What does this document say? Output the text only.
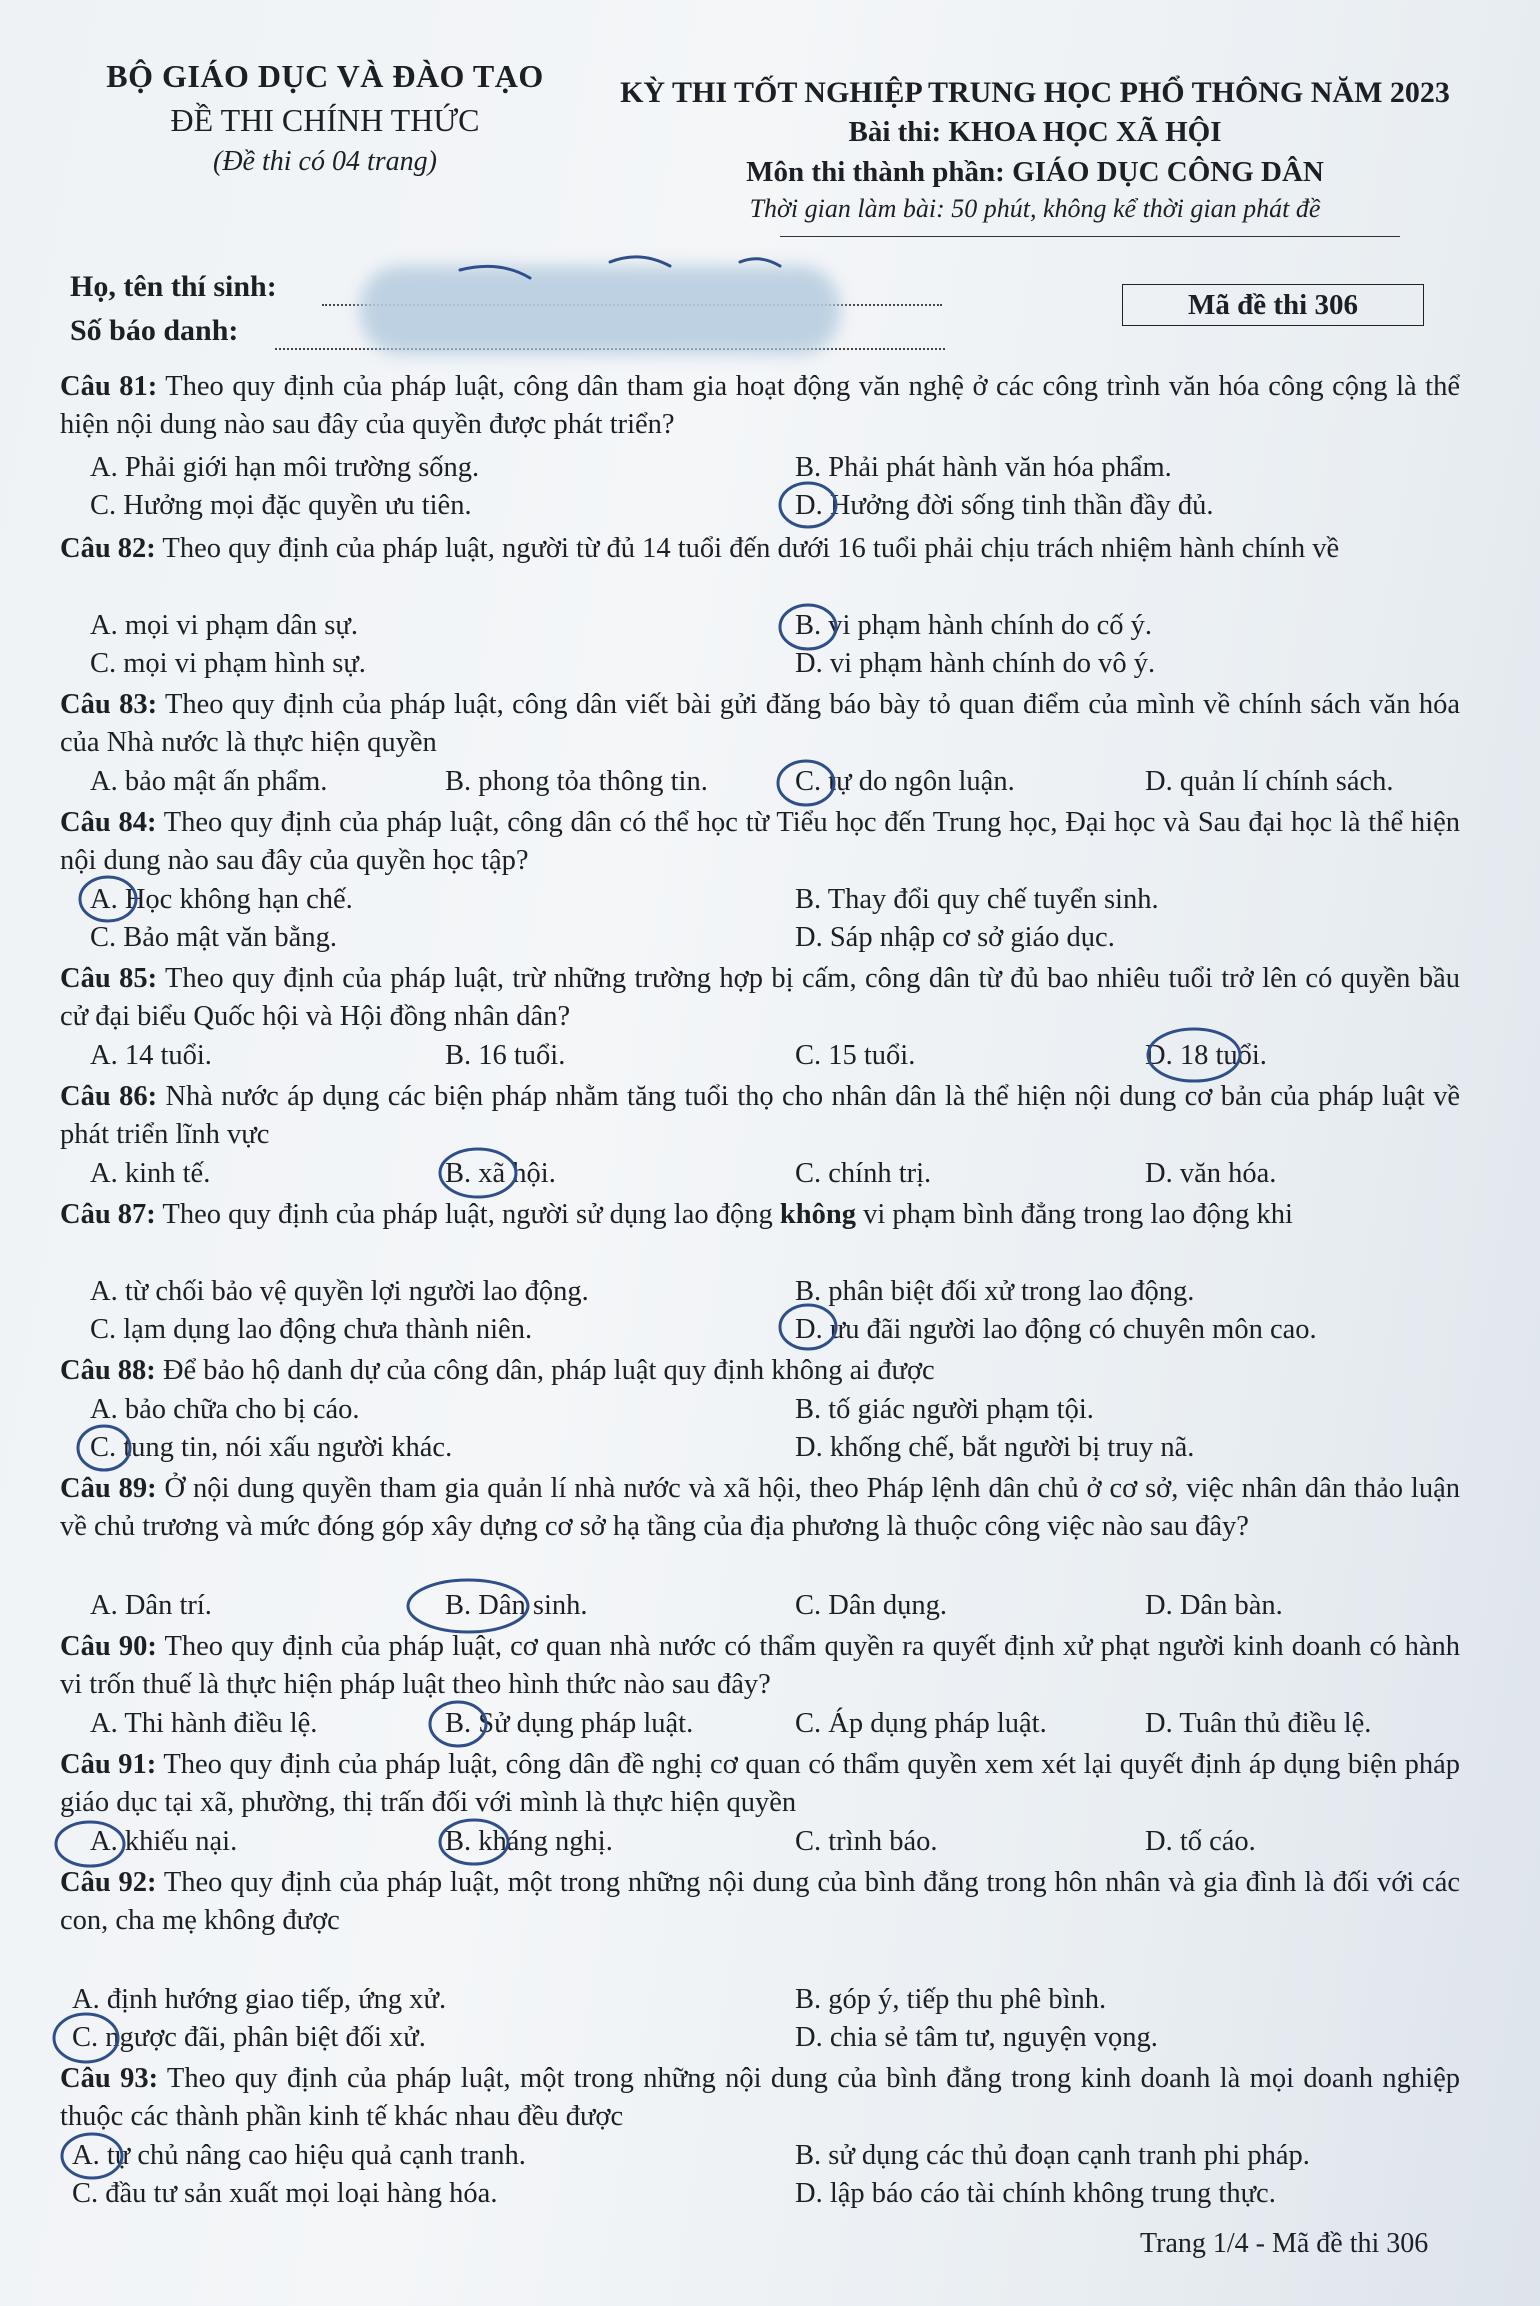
BỘ GIÁO DỤC VÀ ĐÀO TẠO
ĐỀ THI CHÍNH THỨC
(Đề thi có 04 trang)
KỲ THI TỐT NGHIỆP TRUNG HỌC PHỔ THÔNG NĂM 2023
Bài thi: KHOA HỌC XÃ HỘI
Môn thi thành phần: GIÁO DỤC CÔNG DÂN
Thời gian làm bài: 50 phút, không kể thời gian phát đề
Họ, tên thí sinh:
Số báo danh:
Mã đề thi 306
Câu 81: Theo quy định của pháp luật, công dân tham gia hoạt động văn nghệ ở các công trình văn hóa công cộng là thể hiện nội dung nào sau đây của quyền được phát triển?
A. Phải giới hạn môi trường sống.	B. Phải phát hành văn hóa phẩm.
C. Hưởng mọi đặc quyền ưu tiên.	D. Hưởng đời sống tinh thần đầy đủ.
Câu 82: Theo quy định của pháp luật, người từ đủ 14 tuổi đến dưới 16 tuổi phải chịu trách nhiệm hành chính về
A. mọi vi phạm dân sự.	B. vi phạm hành chính do cố ý.
C. mọi vi phạm hình sự.	D. vi phạm hành chính do vô ý.
Câu 83: Theo quy định của pháp luật, công dân viết bài gửi đăng báo bày tỏ quan điểm của mình về chính sách văn hóa của Nhà nước là thực hiện quyền
A. bảo mật ấn phẩm.	B. phong tỏa thông tin.	C. tự do ngôn luận.	D. quản lí chính sách.
Câu 84: Theo quy định của pháp luật, công dân có thể học từ Tiểu học đến Trung học, Đại học và Sau đại học là thể hiện nội dung nào sau đây của quyền học tập?
A. Học không hạn chế.	B. Thay đổi quy chế tuyển sinh.
C. Bảo mật văn bằng.	D. Sáp nhập cơ sở giáo dục.
Câu 85: Theo quy định của pháp luật, trừ những trường hợp bị cấm, công dân từ đủ bao nhiêu tuổi trở lên có quyền bầu cử đại biểu Quốc hội và Hội đồng nhân dân?
A. 14 tuổi.	B. 16 tuổi.	C. 15 tuổi.	D. 18 tuổi.
Câu 86: Nhà nước áp dụng các biện pháp nhằm tăng tuổi thọ cho nhân dân là thể hiện nội dung cơ bản của pháp luật về phát triển lĩnh vực
A. kinh tế.	B. xã hội.	C. chính trị.	D. văn hóa.
Câu 87: Theo quy định của pháp luật, người sử dụng lao động không vi phạm bình đẳng trong lao động khi
A. từ chối bảo vệ quyền lợi người lao động.	B. phân biệt đối xử trong lao động.
C. lạm dụng lao động chưa thành niên.	D. ưu đãi người lao động có chuyên môn cao.
Câu 88: Để bảo hộ danh dự của công dân, pháp luật quy định không ai được
A. bảo chữa cho bị cáo.	B. tố giác người phạm tội.
C. tung tin, nói xấu người khác.	D. khống chế, bắt người bị truy nã.
Câu 89: Ở nội dung quyền tham gia quản lí nhà nước và xã hội, theo Pháp lệnh dân chủ ở cơ sở, việc nhân dân thảo luận về chủ trương và mức đóng góp xây dựng cơ sở hạ tầng của địa phương là thuộc công việc nào sau đây?
A. Dân trí.	B. Dân sinh.	C. Dân dụng.	D. Dân bàn.
Câu 90: Theo quy định của pháp luật, cơ quan nhà nước có thẩm quyền ra quyết định xử phạt người kinh doanh có hành vi trốn thuế là thực hiện pháp luật theo hình thức nào sau đây?
A. Thi hành điều lệ.	B. Sử dụng pháp luật.	C. Áp dụng pháp luật.	D. Tuân thủ điều lệ.
Câu 91: Theo quy định của pháp luật, công dân đề nghị cơ quan có thẩm quyền xem xét lại quyết định áp dụng biện pháp giáo dục tại xã, phường, thị trấn đối với mình là thực hiện quyền
A. khiếu nại.	B. kháng nghị.	C. trình báo.	D. tố cáo.
Câu 92: Theo quy định của pháp luật, một trong những nội dung của bình đẳng trong hôn nhân và gia đình là đối với các con, cha mẹ không được
A. định hướng giao tiếp, ứng xử.	B. góp ý, tiếp thu phê bình.
C. ngược đãi, phân biệt đối xử.	D. chia sẻ tâm tư, nguyện vọng.
Câu 93: Theo quy định của pháp luật, một trong những nội dung của bình đẳng trong kinh doanh là mọi doanh nghiệp thuộc các thành phần kinh tế khác nhau đều được
A. tự chủ nâng cao hiệu quả cạnh tranh.	B. sử dụng các thủ đoạn cạnh tranh phi pháp.
C. đầu tư sản xuất mọi loại hàng hóa.	D. lập báo cáo tài chính không trung thực.
Trang 1/4 - Mã đề thi 306
